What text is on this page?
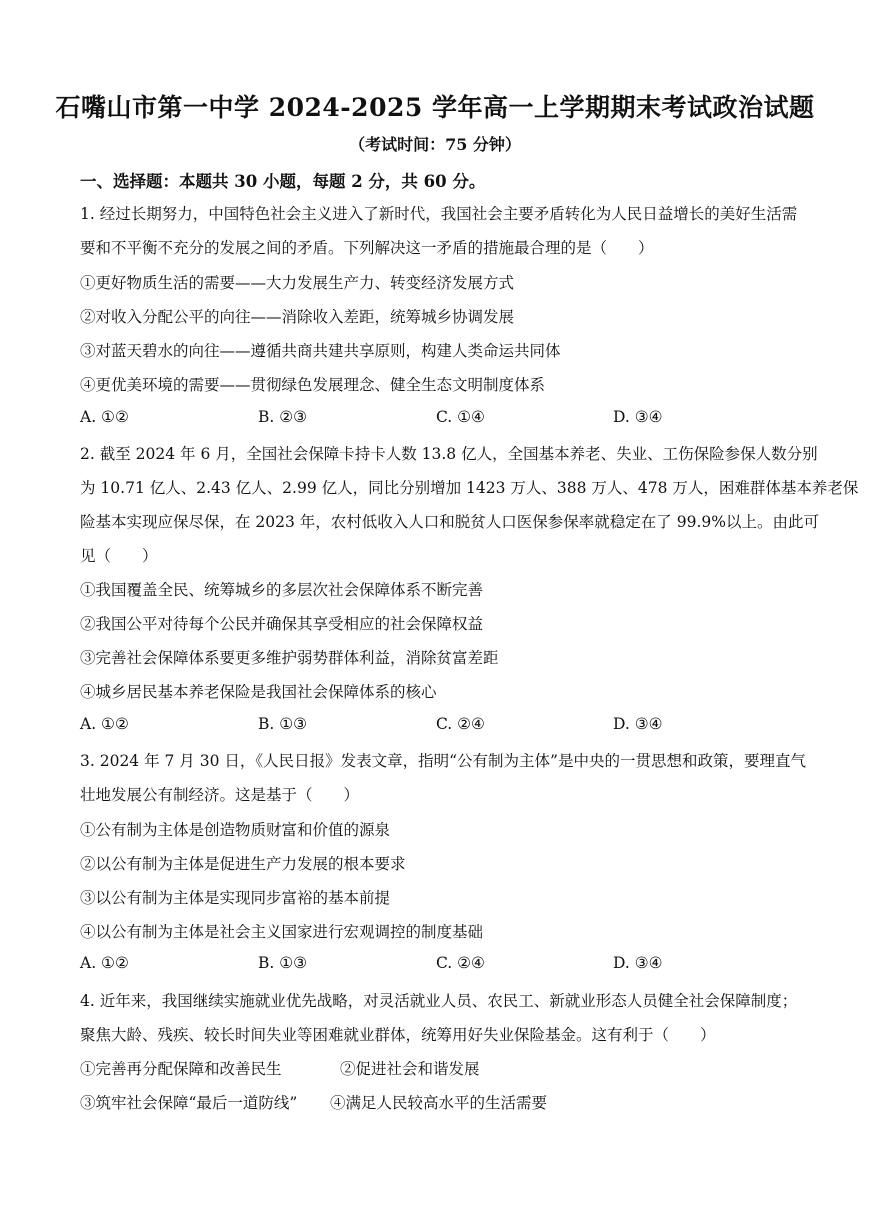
石嘴山市第一中学 2024-2025 学年高一上学期期末考试政治试题
（考试时间：75 分钟）
一、选择题：本题共 30 小题，每题 2 分，共 60 分。
1. 经过长期努力，中国特色社会主义进入了新时代，我国社会主要矛盾转化为人民日益增长的美好生活需
要和不平衡不充分的发展之间的矛盾。下列解决这一矛盾的措施最合理的是（　　）
①更好物质生活的需要——大力发展生产力、转变经济发展方式
②对收入分配公平的向往——消除收入差距，统筹城乡协调发展
③对蓝天碧水的向往——遵循共商共建共享原则，构建人类命运共同体
④更优美环境的需要——贯彻绿色发展理念、健全生态文明制度体系
A. ①②	B. ②③	C. ①④	D. ③④
2. 截至 2024 年 6 月，全国社会保障卡持卡人数 13.8 亿人，全国基本养老、失业、工伤保险参保人数分别
为 10.71 亿人、2.43 亿人、2.99 亿人，同比分别增加 1423 万人、388 万人、478 万人，困难群体基本养老保
险基本实现应保尽保，在 2023 年，农村低收入人口和脱贫人口医保参保率就稳定在了 99.9%以上。由此可
见（　　）
①我国覆盖全民、统筹城乡的多层次社会保障体系不断完善
②我国公平对待每个公民并确保其享受相应的社会保障权益
③完善社会保障体系要更多维护弱势群体利益，消除贫富差距
④城乡居民基本养老保险是我国社会保障体系的核心
A. ①②	B. ①③	C. ②④	D. ③④
3. 2024 年 7 月 30 日，《人民日报》发表文章，指明“公有制为主体”是中央的一贯思想和政策，要理直气
壮地发展公有制经济。这是基于（　　）
①公有制为主体是创造物质财富和价值的源泉
②以公有制为主体是促进生产力发展的根本要求
③以公有制为主体是实现同步富裕的基本前提
④以公有制为主体是社会主义国家进行宏观调控的制度基础
A. ①②	B. ①③	C. ②④	D. ③④
4. 近年来，我国继续实施就业优先战略，对灵活就业人员、农民工、新就业形态人员健全社会保障制度；
聚焦大龄、残疾、较长时间失业等困难就业群体，统筹用好失业保险基金。这有利于（　　）
①完善再分配保障和改善民生	②促进社会和谐发展
③筑牢社会保障“最后一道防线” ④满足人民较高水平的生活需要
